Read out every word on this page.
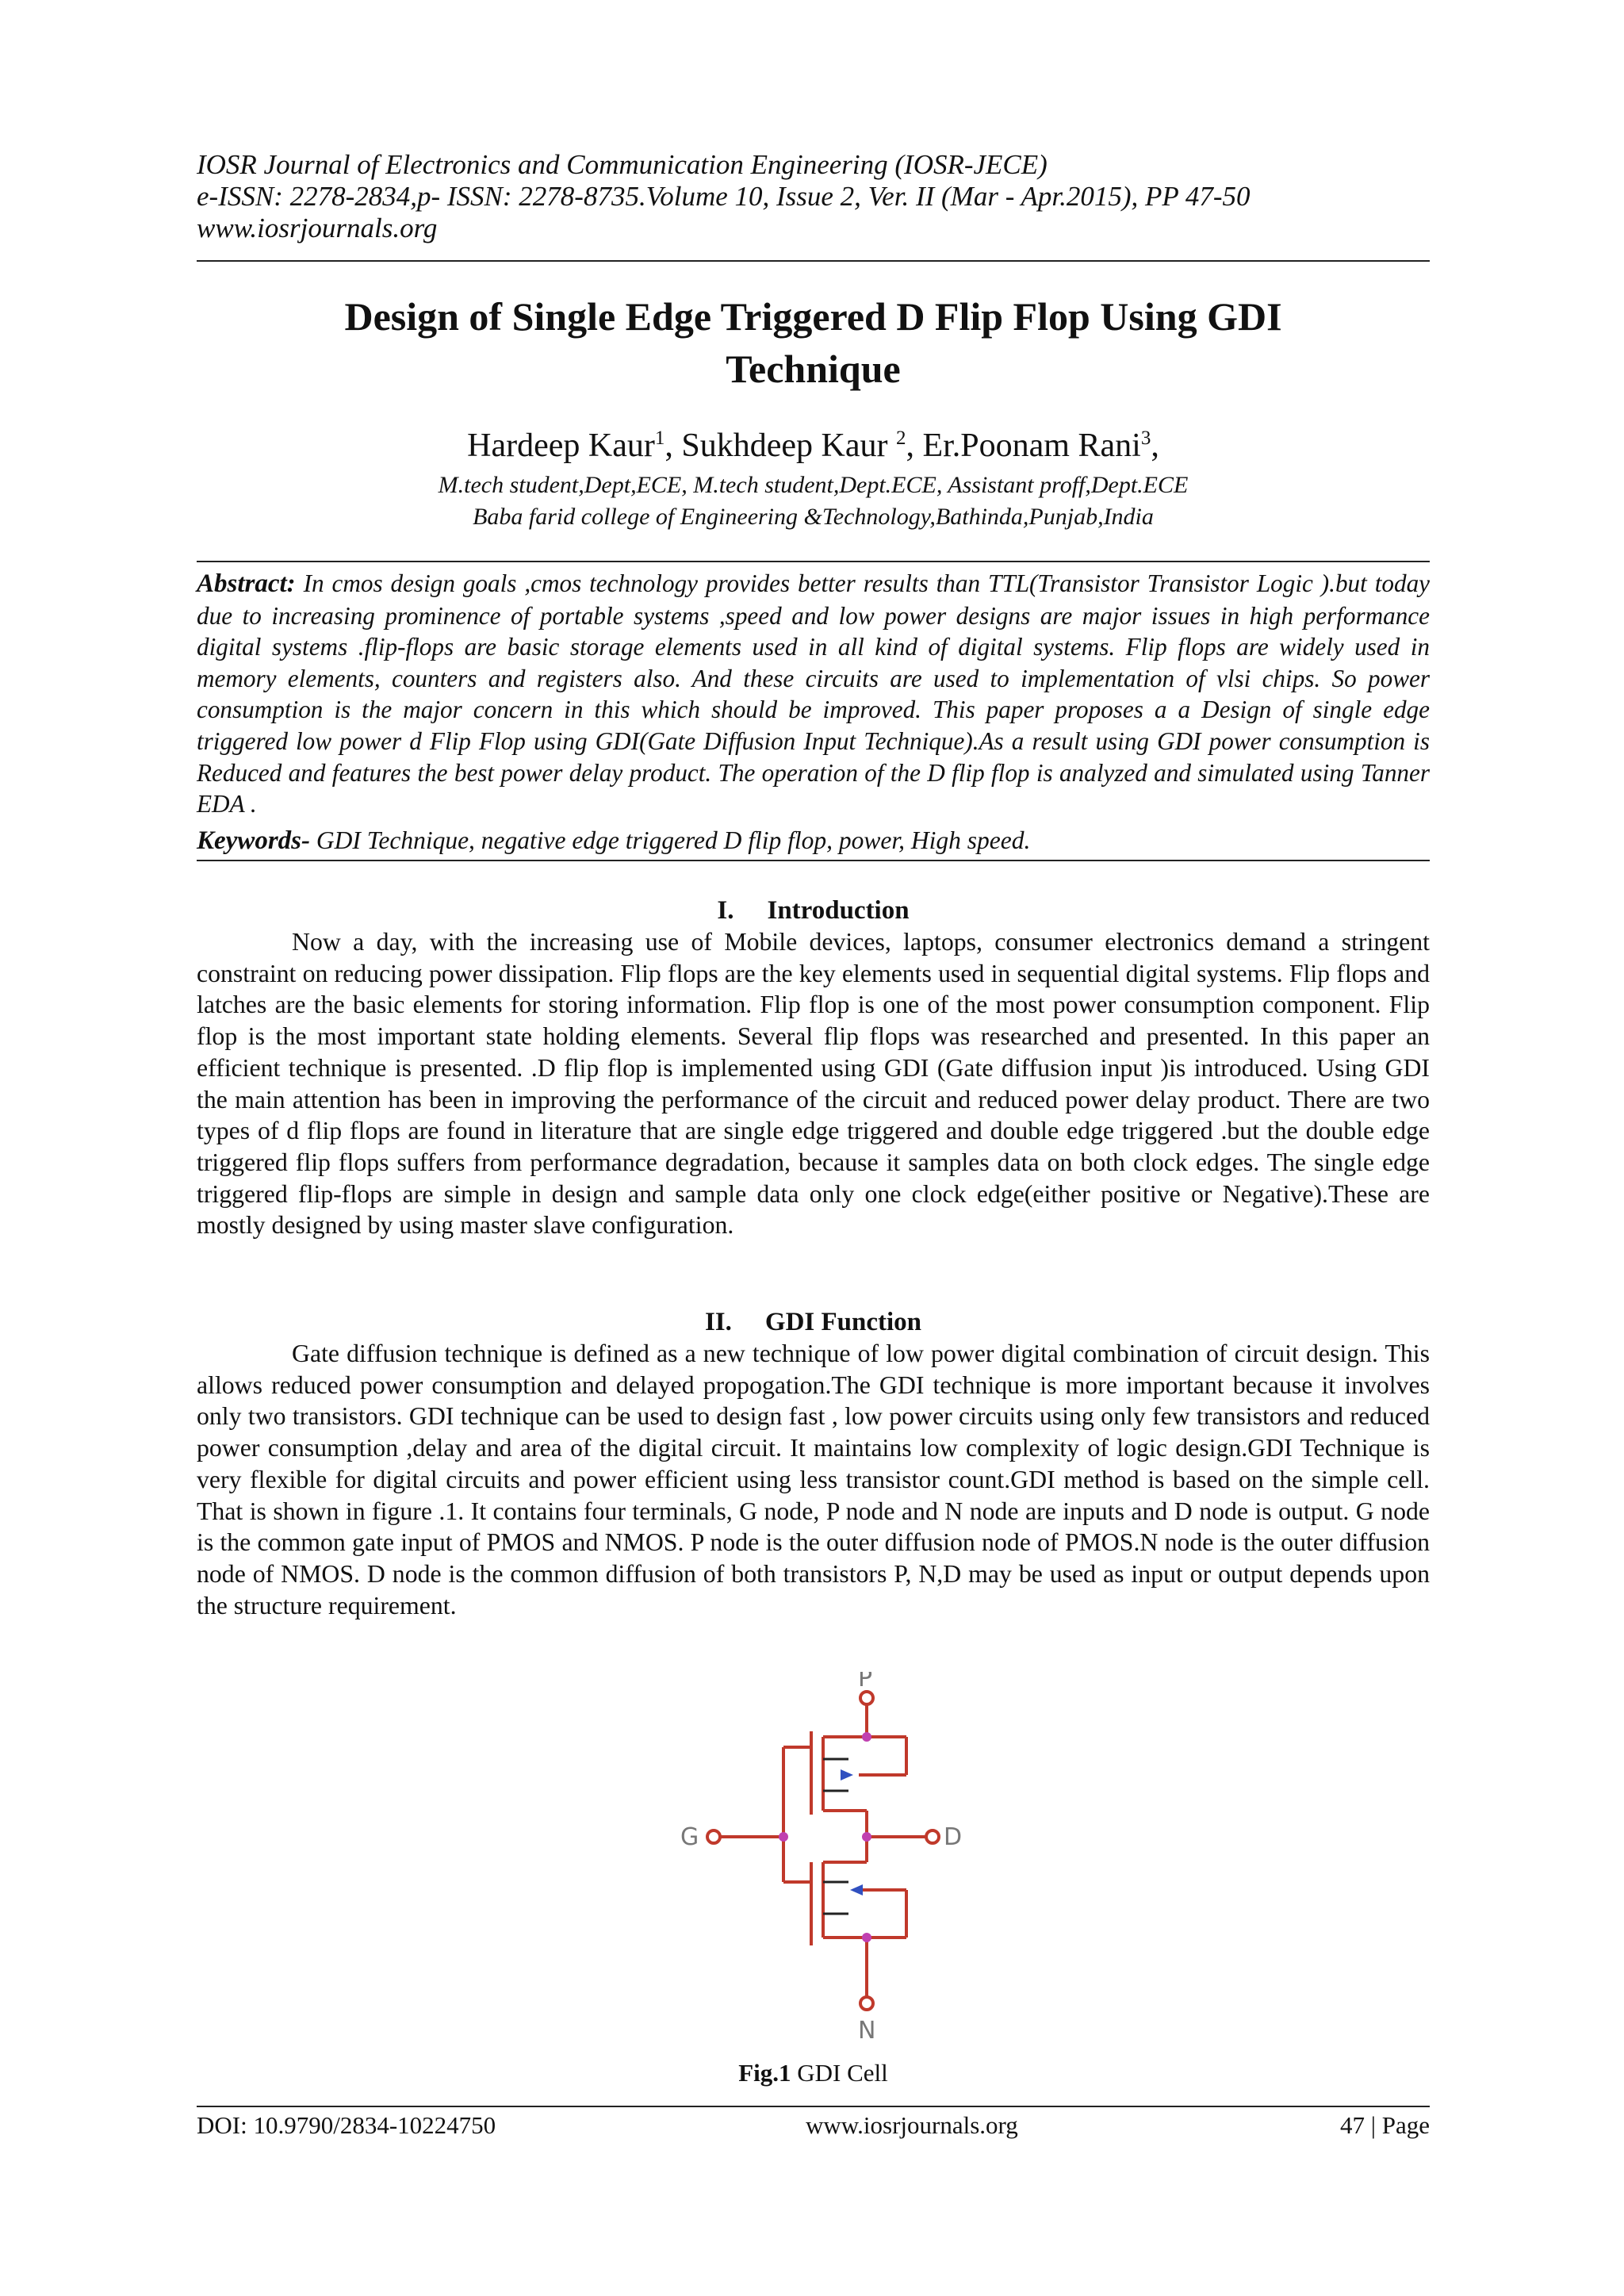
IOSR Journal of Electronics and Communication Engineering (IOSR-JECE)
e-ISSN: 2278-2834,p- ISSN: 2278-8735.Volume 10, Issue 2, Ver. II (Mar - Apr.2015), PP 47-50
www.iosrjournals.org
Design of Single Edge Triggered D Flip Flop Using GDI
Technique
Hardeep Kaur$^1$, Sukhdeep Kaur $^2$, Er.Poonam Rani$^3$,
M.tech student,Dept,ECE, M.tech student,Dept.ECE, Assistant proff,Dept.ECE
Baba farid college of Engineering &Technology,Bathinda,Punjab,India
Abstract: In cmos design goals ,cmos technology provides better results than TTL(Transistor Transistor Logic ).but today due to increasing prominence of portable systems ,speed and low power designs are major issues in high performance digital systems .flip-flops are basic storage elements used in all kind of digital systems. Flip flops are widely used in memory elements, counters and registers also. And these circuits are used to implementation of vlsi chips. So power consumption is the major concern in this which should be improved. This paper proposes a a Design of single edge triggered low power d Flip Flop using GDI(Gate Diffusion Input Technique).As a result using GDI power consumption is Reduced and features the best power delay product. The operation of the D flip flop is analyzed and simulated using Tanner EDA .
Keywords- GDI Technique, negative edge triggered D flip flop, power, High speed.
I. Introduction

Now a day, with the increasing use of Mobile devices, laptops, consumer electronics demand a stringent constraint on reducing power dissipation. Flip flops are the key elements used in sequential digital systems. Flip flops and latches are the basic elements for storing information. Flip flop is one of the most power consumption component. Flip flop is the most important state holding elements. Several flip flops was researched and presented. In this paper an efficient technique is presented. .D flip flop is implemented using GDI (Gate diffusion input )is introduced. Using GDI the main attention has been in improving the performance of the circuit and reduced power delay product. There are two types of d flip flops are found in literature that are single edge triggered and double edge triggered .but the double edge triggered flip flops suffers from performance degradation, because it samples data on both clock edges. The single edge triggered flip-flops are simple in design and sample data only one clock edge(either positive or Negative).These are mostly designed by using master slave configuration.

II. GDI Function

Gate diffusion technique is defined as a new technique of low power digital combination of circuit design. This allows reduced power consumption and delayed propogation.The GDI technique is more important because it involves only two transistors. GDI technique can be used to design fast , low power circuits using only few transistors and reduced power consumption ,delay and area of the digital circuit. It maintains low complexity of logic design.GDI Technique is very flexible for digital circuits and power efficient using less transistor count.GDI method is based on the simple cell. That is shown in figure .1. It contains four terminals, G node, P node and N node are inputs and D node is output. G node is the common gate input of PMOS and NMOS. P node is the outer diffusion node of PMOS.N node is the outer diffusion node of NMOS. D node is the common diffusion of both transistors P, N,D may be used as input or output depends upon the structure requirement.

P
G	D
N
Fig.1 GDI Cell
DOI: 10.9790/2834-10224750	www.iosrjournals.org	47 | Page
